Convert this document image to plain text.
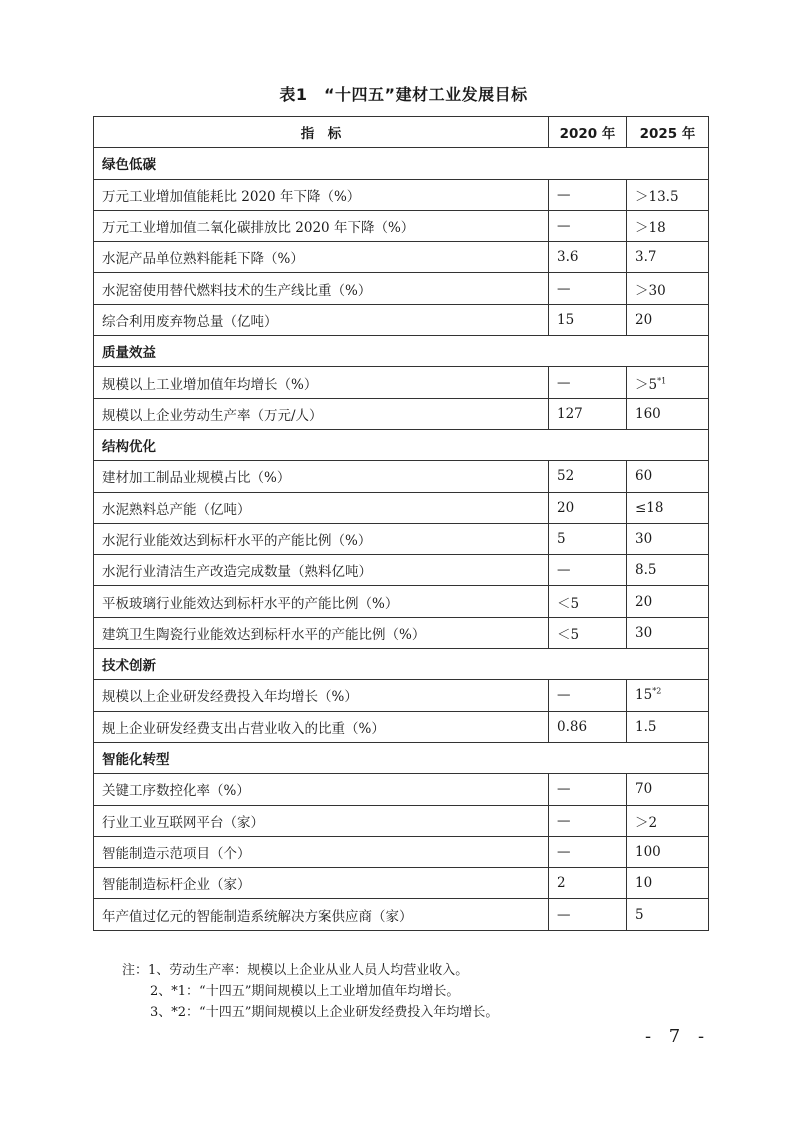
表1　“十四五”建材工业发展目标
指　标	2020 年	2025 年
绿色低碳		
万元工业增加值能耗比 2020 年下降（%）	—	＞13.5
万元工业增加值二氧化碳排放比 2020 年下降（%）	—	＞18
水泥产品单位熟料能耗下降（%）	3.6	3.7
水泥窑使用替代燃料技术的生产线比重（%）	—	＞30
综合利用废弃物总量（亿吨）	15	20
质量效益		
规模以上工业增加值年均增长（%）	—	$>5^{*1}$
规模以上企业劳动生产率（万元/人）	127	160
结构优化		
建材加工制品业规模占比（%）	52	60
水泥熟料总产能（亿吨）	20	≤18
水泥行业能效达到标杆水平的产能比例（%）	5	30
水泥行业清洁生产改造完成数量（熟料亿吨）	—	8.5
平板玻璃行业能效达到标杆水平的产能比例（%）	＜5	20
建筑卫生陶瓷行业能效达到标杆水平的产能比例（%）	＜5	30
技术创新		
规模以上企业研发经费投入年均增长（%）	—	15$^{*2}$
规上企业研发经费支出占营业收入的比重（%）	0.86	1.5
智能化转型		
关键工序数控化率（%）	—	70
行业工业互联网平台（家）	—	＞2
智能制造示范项目（个）	—	100
智能制造标杆企业（家）	2	10
年产值过亿元的智能制造系统解决方案供应商（家）	—	5
注：1、劳动生产率：规模以上企业从业人员人均营业收入。
2、*1：“十四五”期间规模以上工业增加值年均增长。
3、*2：“十四五”期间规模以上企业研发经费投入年均增长。
- 7 -
